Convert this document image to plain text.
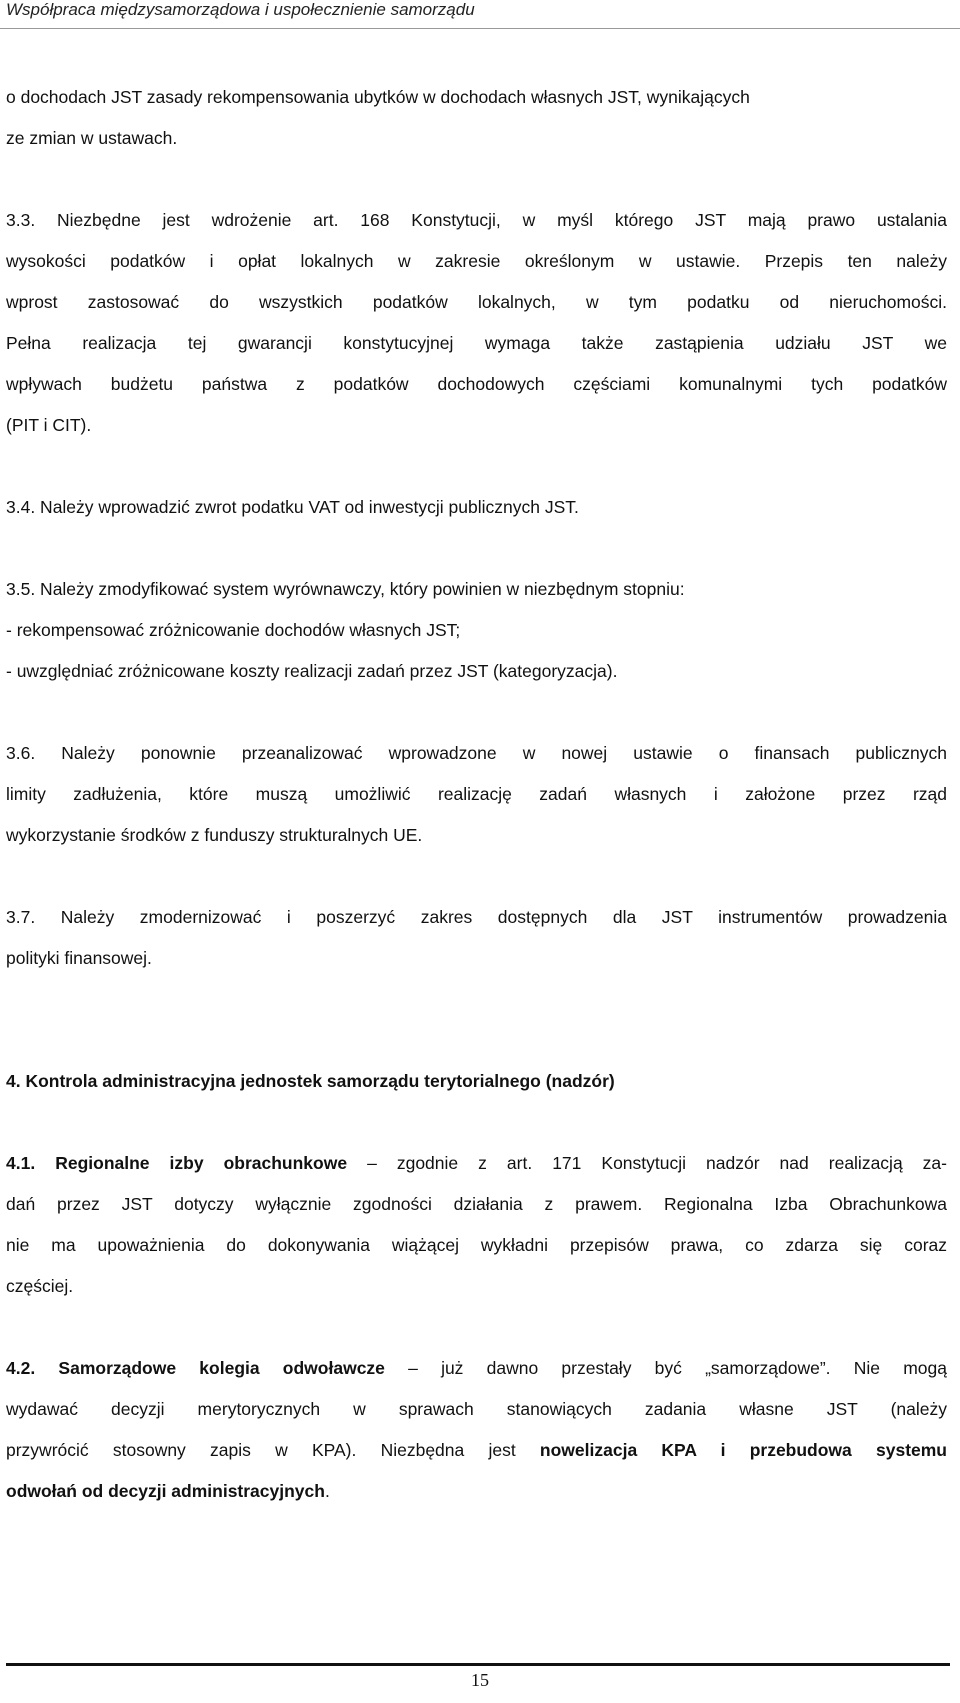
Współpraca międzysamorządowa i uspołecznienie samorządu
o dochodach JST zasady rekompensowania ubytków w dochodach własnych JST, wynikających
ze zmian w ustawach.
3.3. Niezbędne jest wdrożenie art. 168 Konstytucji, w myśl którego JST mają prawo ustalania
wysokości podatków i opłat lokalnych w zakresie określonym w ustawie. Przepis ten należy
wprost zastosować do wszystkich podatków lokalnych, w tym podatku od nieruchomości.
Pełna realizacja tej gwarancji konstytucyjnej wymaga także zastąpienia udziału JST we
wpływach budżetu państwa z podatków dochodowych częściami komunalnymi tych podatków
(PIT i CIT).
3.4. Należy wprowadzić zwrot podatku VAT od inwestycji publicznych JST.
3.5. Należy zmodyfikować system wyrównawczy, który powinien w niezbędnym stopniu:
- rekompensować zróżnicowanie dochodów własnych JST;
- uwzględniać zróżnicowane koszty realizacji zadań przez JST (kategoryzacja).
3.6. Należy ponownie przeanalizować wprowadzone w nowej ustawie o finansach publicznych
limity zadłużenia, które muszą umożliwić realizację zadań własnych i założone przez rząd
wykorzystanie środków z funduszy strukturalnych UE.
3.7. Należy zmodernizować i poszerzyć zakres dostępnych dla JST instrumentów prowadzenia
polityki finansowej.
4. Kontrola administracyjna jednostek samorządu terytorialnego (nadzór)
4.1. Regionalne izby obrachunkowe – zgodnie z art. 171 Konstytucji nadzór nad realizacją za-
dań przez JST dotyczy wyłącznie zgodności działania z prawem. Regionalna Izba Obrachunkowa
nie ma upoważnienia do dokonywania wiążącej wykładni przepisów prawa, co zdarza się coraz
częściej.
4.2. Samorządowe kolegia odwoławcze – już dawno przestały być „samorządowe”. Nie mogą
wydawać decyzji merytorycznych w sprawach stanowiących zadania własne JST (należy
przywrócić stosowny zapis w KPA). Niezbędna jest nowelizacja KPA i przebudowa systemu
odwołań od decyzji administracyjnych.
15
